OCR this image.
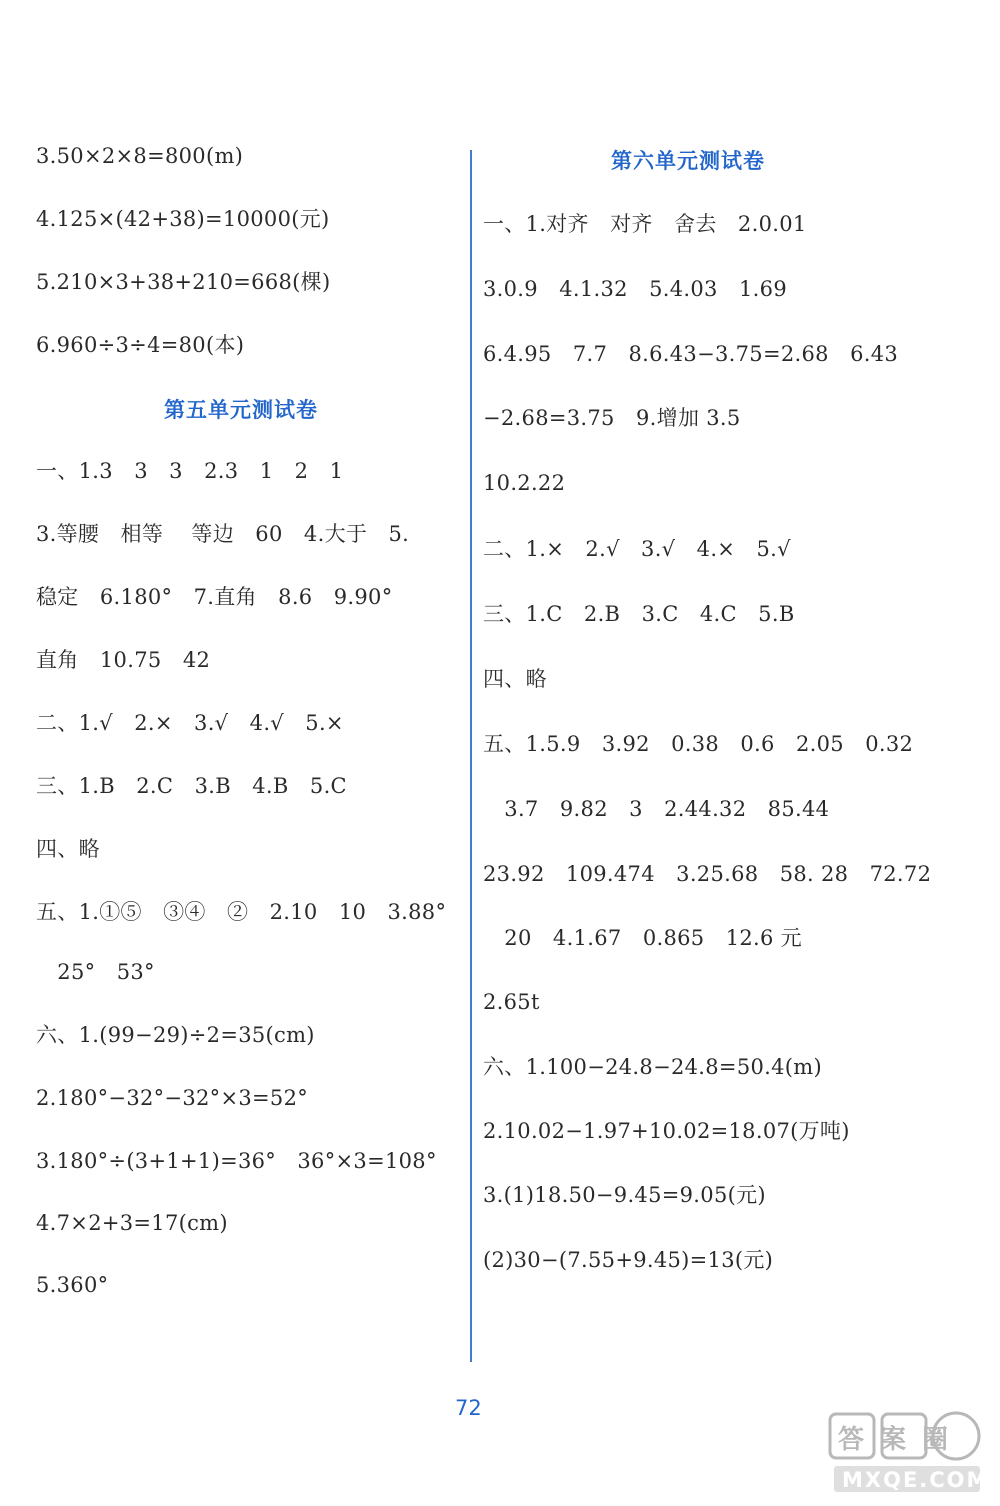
3.50×2×8=800(m)
4.125×(42+38)=10000(元)
5.210×3+38+210=668(棵)
6.960÷3÷4=80(本)
第五单元测试卷
一、1.3　3　3　2.3　1　2　1
3.等腰　相等　 等边　60　4.大于　5.
稳定　6.180°　7.直角　8.6　9.90°
直角　10.75　42
二、1.√　2.×　3.√　4.√　5.×
三、1.B　2.C　3.B　4.B　5.C
四、略
五、1.①⑤　③④　②　2.10　10　3.88°
　25°　53°
六、1.(99−29)÷2=35(cm)
2.180°−32°−32°×3=52°
3.180°÷(3+1+1)=36°　36°×3=108°
4.7×2+3=17(cm)
5.360°
第六单元测试卷
一、1.对齐　对齐　舍去　2.0.01
3.0.9　4.1.32　5.4.03　1.69
6.4.95　7.7　8.6.43−3.75=2.68　6.43
−2.68=3.75　9.增加 3.5
10.2.22
二、1.×　2.√　3.√　4.×　5.√
三、1.C　2.B　3.C　4.C　5.B
四、略
五、1.5.9　3.92　0.38　0.6　2.05　0.32
　3.7　9.82　3　2.44.32　85.44
23.92　109.474　3.25.68　58. 28　72.72
　20　4.1.67　0.865　12.6 元
2.65t
六、1.100−24.8−24.8=50.4(m)
2.10.02−1.97+10.02=18.07(万吨)
3.(1)18.50−9.45=9.05(元)
(2)30−(7.55+9.45)=13(元)
72
答案圈
MXQE.COM
